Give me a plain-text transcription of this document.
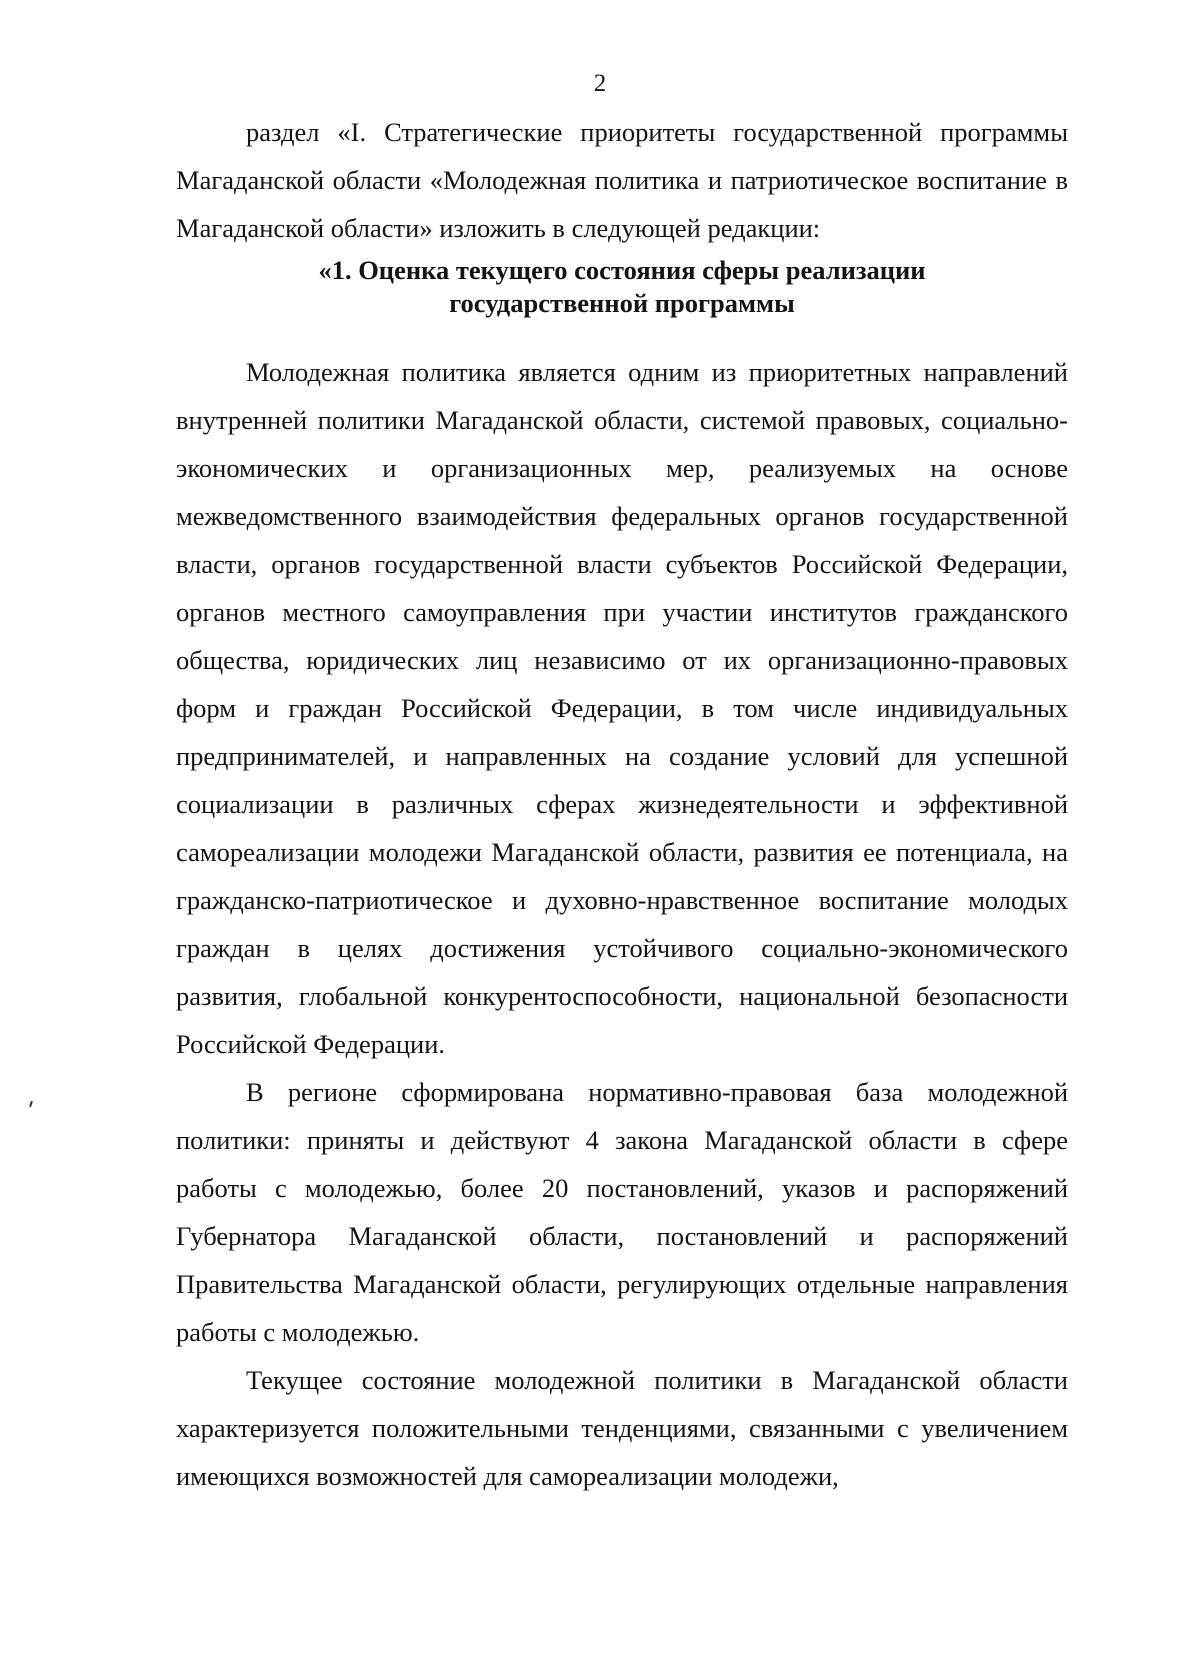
2

раздел «I. Стратегические приоритеты государственной программы Магаданской области «Молодежная политика и патриотическое воспитание в Магаданской области» изложить в следующей редакции:

«1. Оценка текущего состояния сферы реализации
государственной программы

Молодежная политика является одним из приоритетных направлений внутренней политики Магаданской области, системой правовых, социально-экономических и организационных мер, реализуемых на основе межведомственного взаимодействия федеральных органов государственной власти, органов государственной власти субъектов Российской Федерации, органов местного самоуправления при участии институтов гражданского общества, юридических лиц независимо от их организационно-правовых форм и граждан Российской Федерации, в том числе индивидуальных предпринимателей, и направленных на создание условий для успешной социализации в различных сферах жизнедеятельности и эффективной самореализации молодежи Магаданской области, развития ее потенциала, на гражданско-патриотическое и духовно-нравственное воспитание молодых граждан в целях достижения устойчивого социально-экономического развития, глобальной конкурентоспособности, национальной безопасности Российской Федерации.

В регионе сформирована нормативно-правовая база молодежной политики: приняты и действуют 4 закона Магаданской области в сфере работы с молодежью, более 20 постановлений, указов и распоряжений Губернатора Магаданской области, постановлений и распоряжений Правительства Магаданской области, регулирующих отдельные направления работы с молодежью.

Текущее состояние молодежной политики в Магаданской области характеризуется положительными тенденциями, связанными с увеличением имеющихся возможностей для самореализации молодежи,
